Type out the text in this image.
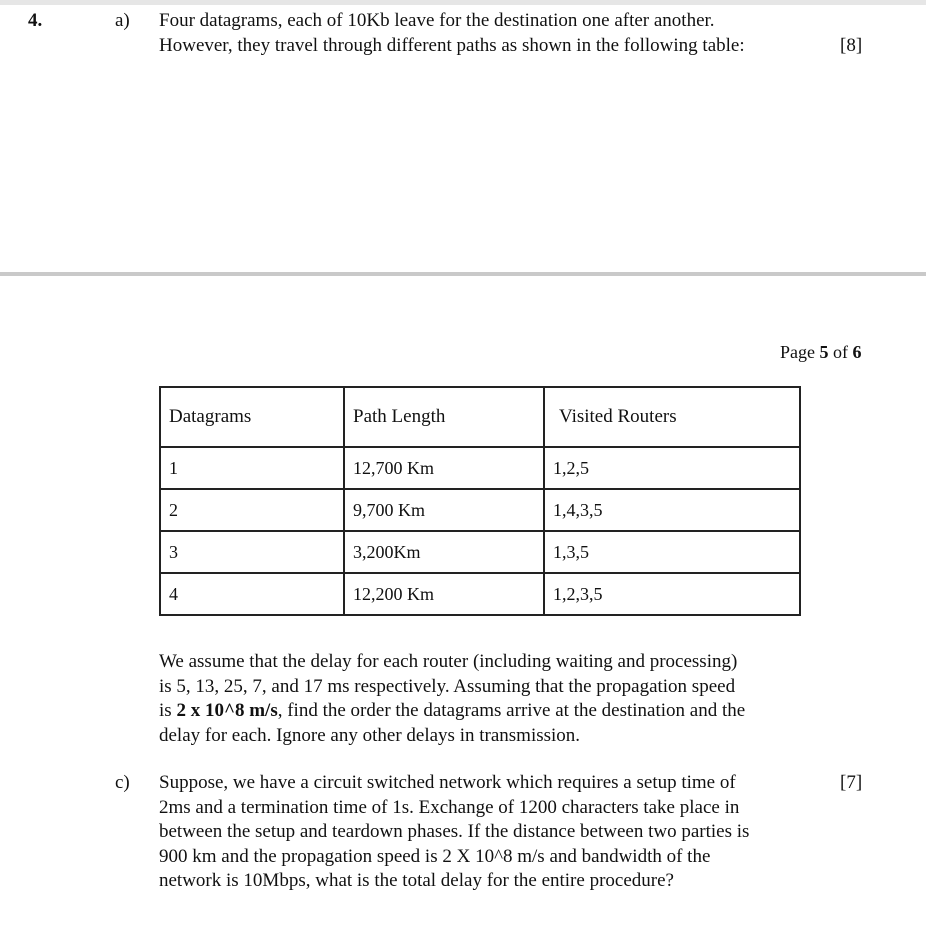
4.	a) Four datagrams, each of 10Kb leave for the destination one after another.
However, they travel through different paths as shown in the following table:	[8]
Page 5 of 6
Datagrams	Path Length	Visited Routers
1	12,700 Km	1,2,5
2	9,700 Km	1,4,3,5
3	3,200Km	1,3,5
4	12,200 Km	1,2,3,5
We assume that the delay for each router (including waiting and processing)
is 5, 13, 25, 7, and 17 ms respectively. Assuming that the propagation speed
is 2 x 10^8 m/s, find the order the datagrams arrive at the destination and the
delay for each. Ignore any other delays in transmission.
c)	[7]
Suppose, we have a circuit switched network which requires a setup time of
2ms and a termination time of 1s. Exchange of 1200 characters take place in
between the setup and teardown phases. If the distance between two parties is
900 km and the propagation speed is 2 X 10^8 m/s and bandwidth of the
network is 10Mbps, what is the total delay for the entire procedure?
